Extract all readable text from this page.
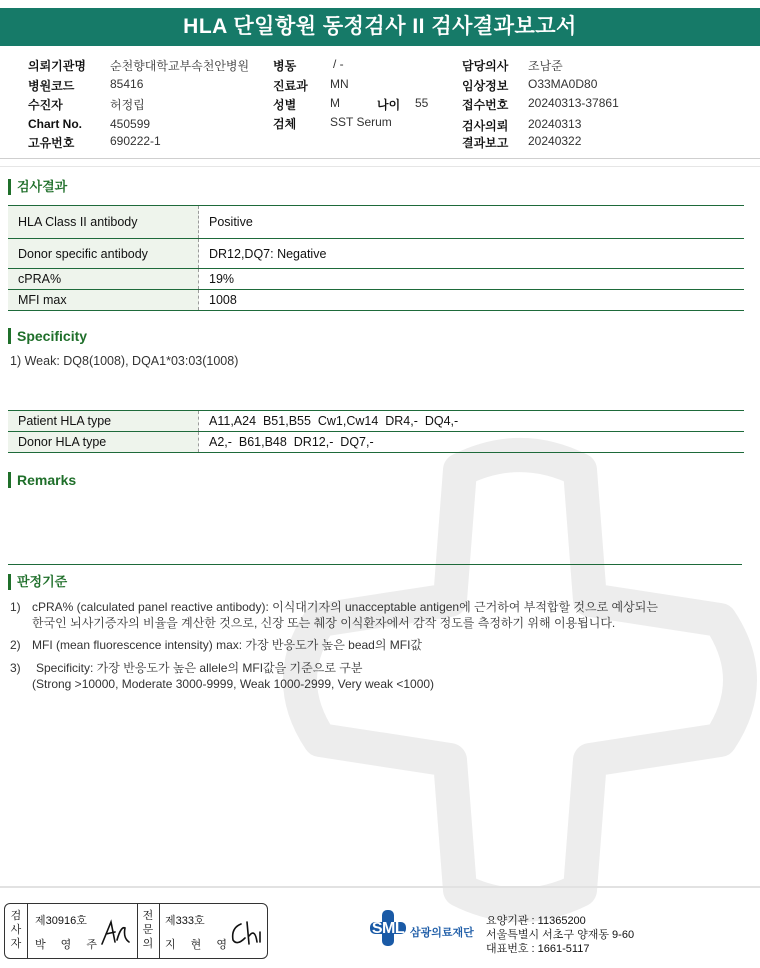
HLA 단일항원 동정검사 II 검사결과보고서
의뢰기관명 순천향대학교부속천안병원
병원코드	85416
수진자	허정립
Chart No. 450599
고유번호	690222-1
병동	/ -
진료과 MN
성별	M	나이 55
검체	SST Serum
담당의사 조남준
임상정보 O33MA0D80
접수번호 20240313-37861
검사의뢰 20240313
결과보고 20240322
검사결과
HLA Class II antibody	Positive
Donor specific antibody	DR12,DQ7: Negative
cPRA%	19%
MFI max	1008
Specificity
1) Weak: DQ8(1008), DQA1*03:03(1008)
Patient HLA type	A11,A24  B51,B55  Cw1,Cw14  DR4,-  DQ4,-
Donor HLA type	A2,-  B61,B48  DR12,-  DQ7,-
Remarks
판정기준
1) cPRA% (calculated panel reactive antibody): 이식대기자의 unacceptable antigen에 근거하여 부적합할 것으로 예상되는
한국인 뇌사기증자의 비율을 계산한 것으로, 신장 또는 췌장 이식환자에서 감작 정도를 측정하기 위해 이용됩니다.
2) MFI (mean fluorescence intensity) max: 가장 반응도가 높은 bead의 MFI값
3) Specificity: 가장 반응도가 높은 allele의 MFI값을 기준으로 구분
(Strong >10000, Moderate 3000-9999, Weak 1000-2999, Very weak <1000)
검
사
자
제30916호
박 영 주
전
문
의
제333호
지 현 영
SML 삼광의료재단
요양기관 : 11365200
서울특별시 서초구 양재동 9-60
대표번호 : 1661-5117
